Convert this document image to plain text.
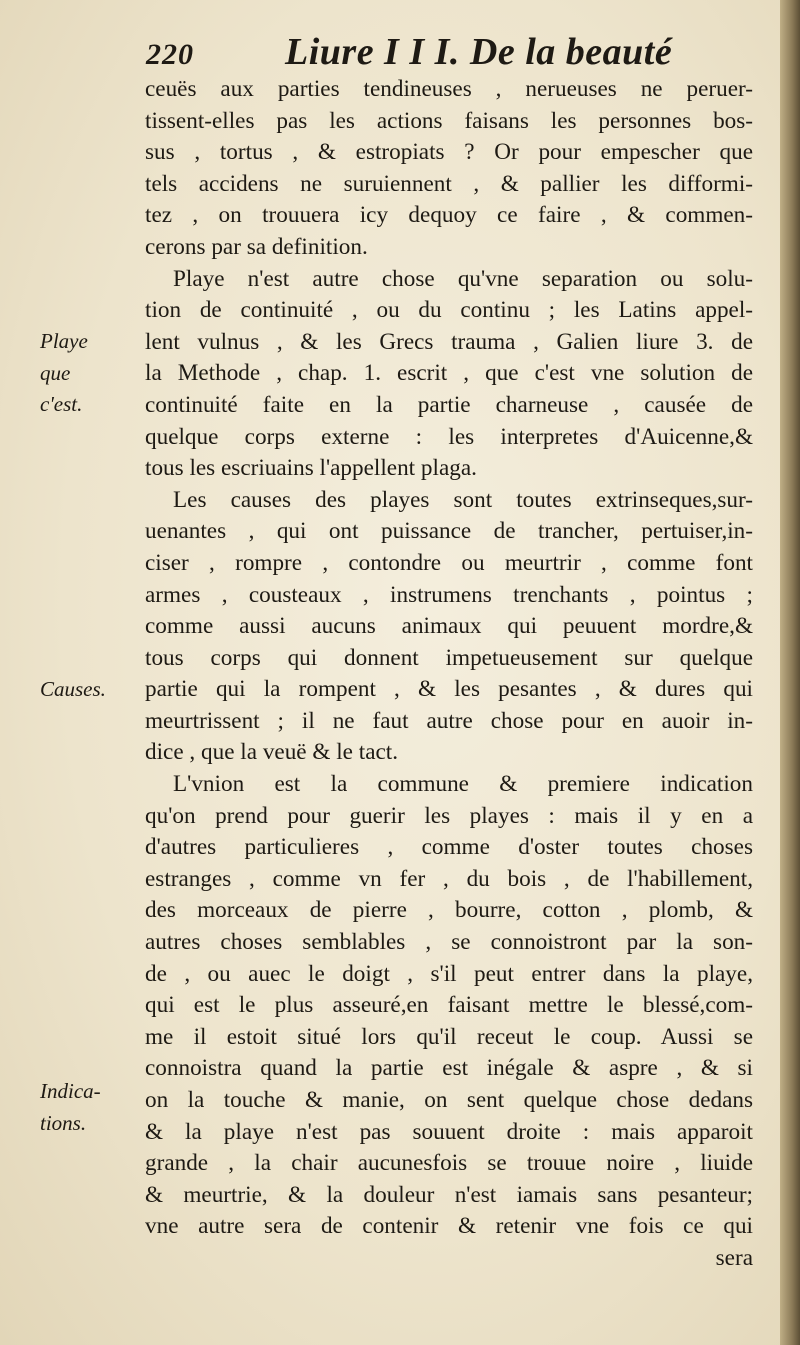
220 Liure I I I. De la beauté
ceuës aux parties tendineuses , nerueuses ne peruer-
tissent-elles pas les actions faisans les personnes bos-
sus , tortus , & estropiats ? Or pour empescher que
tels accidens ne suruiennent , & pallier les difformi-
tez , on trouuera icy dequoy ce faire , & commen-
cerons par sa definition.
Playe n'est autre chose qu'vne separation ou solu-
tion de continuité , ou du continu ; les Latins appel-
lent vulnus , & les Grecs trauma , Galien liure 3. de
la Methode , chap. 1. escrit , que c'est vne solution de
continuité faite en la partie charneuse , causée de
quelque corps externe : les interpretes d'Auicenne,&
tous les escriuains l'appellent plaga.
Les causes des playes sont toutes extrinseques,sur-
uenantes , qui ont puissance de trancher, pertuiser,in-
ciser , rompre , contondre ou meurtrir , comme font
armes , cousteaux , instrumens trenchants , pointus ;
comme aussi aucuns animaux qui peuuent mordre,&
tous corps qui donnent impetueusement sur quelque
partie qui la rompent , & les pesantes , & dures qui
meurtrissent ; il ne faut autre chose pour en auoir in-
dice , que la veuë & le tact.
L'vnion est la commune & premiere indication
qu'on prend pour guerir les playes : mais il y en a
d'autres particulieres , comme d'oster toutes choses
estranges , comme vn fer , du bois , de l'habillement,
des morceaux de pierre , bourre, cotton , plomb, &
autres choses semblables , se connoistront par la son-
de , ou auec le doigt , s'il peut entrer dans la playe,
qui est le plus asseuré,en faisant mettre le blessé,com-
me il estoit situé lors qu'il receut le coup. Aussi se
connoistra quand la partie est inégale & aspre , & si
on la touche & manie, on sent quelque chose dedans
& la playe n'est pas souuent droite : mais apparoit
grande , la chair aucunesfois se trouue noire , liuide
& meurtrie, & la douleur n'est iamais sans pesanteur;
vne autre sera de contenir & retenir vne fois ce qui
sera
Playe
que
c'est.
Causes.
Indica-
tions.
